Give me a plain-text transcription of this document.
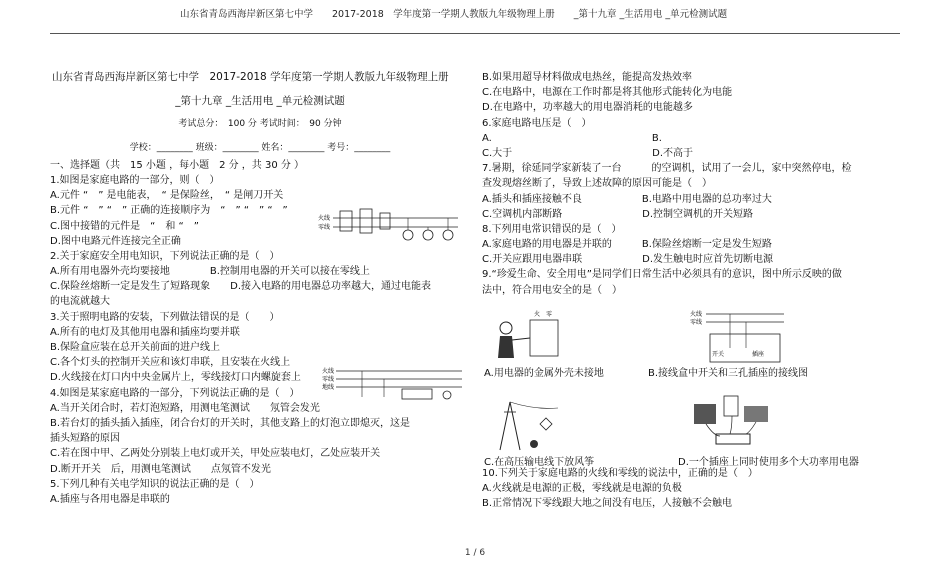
山东省青岛西海岸新区第七中学　　2017-2018　学年度第一学期人教版九年级物理上册　　_第十九章 _生活用电 _单元检测试题
山东省青岛西海岸新区第七中学　2017-2018 学年度第一学期人教版九年级物理上册
_第十九章 _生活用电 _单元检测试题
考试总分：　100 分 考试时间：　90 分钟
学校：________ 班级：________ 姓名：________ 考号：________
一、选择题（共　15 小题 ，每小题　2 分 ，共 30 分 ）
1.如图是家庭电路的一部分，则（　）
A.元件 “　” 是电能表，　“ 是保险丝，　“ 是闸刀开关
B.元件 “　” “　” 正确的连接顺序为　“　” “　” “　”
C.图中接错的元件是　“　和 “　”
D.图中电路元件连接完全正确
2.关于家庭安全用电知识，下列说法正确的是（　）
A.所有用电器外壳均要接地　　　　B.控制用电器的开关可以接在零线上
C.保险丝熔断一定是发生了短路现象　　D.接入电路的用电器总功率越大，通过电能表
的电流就越大
3.关于照明电路的安装，下列做法错误的是（　　）
A.所有的电灯及其他用电器和插座均要并联
B.保险盒应装在总开关前面的进户线上
C.各个灯头的控制开关应和该灯串联，且安装在火线上
D.火线接在灯口内中央金属片上，零线接灯口内螺旋套上
4.如图是某家庭电路的一部分，下列说法正确的是（　）
A.当开关闭合时，若灯泡短路，用测电笔测试　　氖管会发光
B.若台灯的插头插入插座，闭合台灯的开关时，其他支路上的灯泡立即熄灭，这是
插头短路的原因
C.若在图中甲、乙两处分别装上电灯或开关，甲处应装电灯，乙处应装开关
D.断开开关　后，用测电笔测试　　点氖管不发光
5.下列几种有关电学知识的说法正确的是（　）
A.插座与各用电器是串联的
火线
零线
火线
零线
地线
B.如果用超导材料做成电热丝，能提高发热效率
C.在电路中，电源在工作时都是将其他形式能转化为电能
D.在电路中，功率越大的用电器消耗的电能越多
6.家庭电路电压是（　）
A.　　　　　　　　　　　　　　　　B.
C.大于　　　　　　　　　　　　　　D.不高于
7.暑期，徐延同学家新装了一台　　　的空调机，试用了一会儿，家中突然停电，检
查发现熔丝断了，导致上述故障的原因可能是（　）
A.插头和插座接触不良　　　　　　B.电路中用电器的总功率过大
C.空调机内部断路　　　　　　　　D.控制空调机的开关短路
8.下列用电常识错误的是（　）
A.家庭电路的用电器是并联的　　　B.保险丝熔断一定是发生短路
C.开关应跟用电器串联　　　　　　D.发生触电时应首先切断电源
9.“珍爱生命、安全用电”是同学们日常生活中必须具有的意识，图中所示反映的做
法中，符合用电安全的是（　）
火 零	火线
零线
开关	插座
A.用电器的金属外壳未接地	B.接线盒中开关和三孔插座的接线图
C.在高压输电线下放风筝	D.一个插座上同时使用多个大功率用电器
10.下列关于家庭电路的火线和零线的说法中，正确的是（　）
A.火线就是电源的正极，零线就是电源的负极
B.正常情况下零线跟大地之间没有电压，人接触不会触电
1 / 6
